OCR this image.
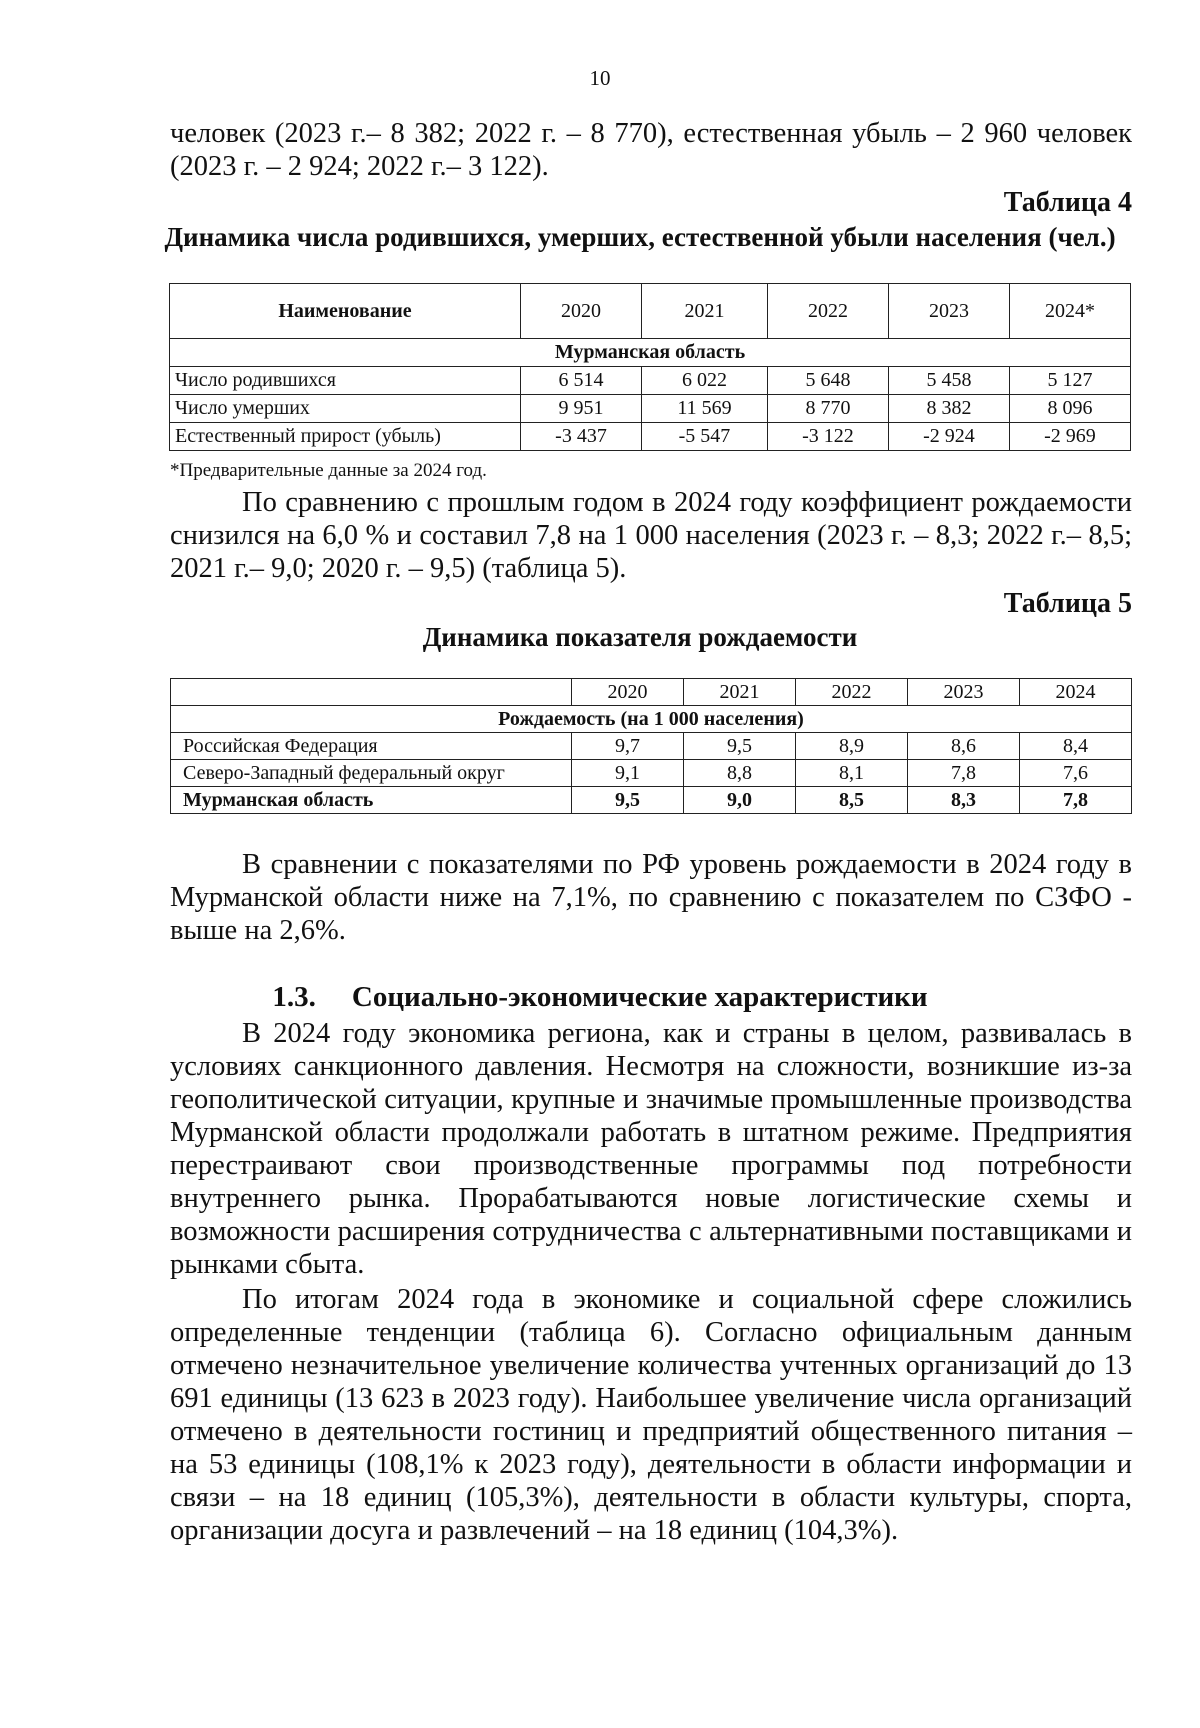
10

человек (2023 г.– 8 382; 2022 г. – 8 770), естественная убыль – 2 960 человек (2023 г. – 2 924; 2022 г.– 3 122).

Таблица 4
Динамика числа родившихся, умерших, естественной убыли населения (чел.)
Наименование	2020	2021	2022	2023	2024*
Мурманская область					
Число родившихся	6 514	6 022	5 648	5 458	5 127
Число умерших	9 951	11 569	8 770	8 382	8 096
Естественный прирост (убыль)	-3 437	-5 547	-3 122	-2 924	-2 969
*Предварительные данные за 2024 год.

По сравнению с прошлым годом в 2024 году коэффициент рождаемости снизился на 6,0 % и составил 7,8 на 1 000 населения (2023 г. – 8,3; 2022 г.– 8,5; 2021 г.– 9,0; 2020 г. – 9,5) (таблица 5).

Таблица 5
Динамика показателя рождаемости
	2020	2021	2022	2023	2024
Рождаемость (на 1 000 населения)					
Российская Федерация	9,7	9,5	8,9	8,6	8,4
Северо-Западный федеральный округ	9,1	8,8	8,1	7,8	7,6
Мурманская область	9,5	9,0	8,5	8,3	7,8

В сравнении с показателями по РФ уровень рождаемости в 2024 году в Мурманской области ниже на 7,1%, по сравнению с показателем по СЗФО - выше на 2,6%.

1.3. Социально-экономические характеристики

В 2024 году экономика региона, как и страны в целом, развивалась в условиях санкционного давления. Несмотря на сложности, возникшие из-за геополитической ситуации, крупные и значимые промышленные производства Мурманской области продолжали работать в штатном режиме. Предприятия перестраивают свои производственные программы под потребности внутреннего рынка. Прорабатываются новые логистические схемы и возможности расширения сотрудничества с альтернативными поставщиками и рынками сбыта.

По итогам 2024 года в экономике и социальной сфере сложились определенные тенденции (таблица 6). Согласно официальным данным отмечено незначительное увеличение количества учтенных организаций до 13 691 единицы (13 623 в 2023 году). Наибольшее увеличение числа организаций отмечено в деятельности гостиниц и предприятий общественного питания – на 53 единицы (108,1% к 2023 году), деятельности в области информации и связи – на 18 единиц (105,3%), деятельности в области культуры, спорта, организации досуга и развлечений – на 18 единиц (104,3%).
